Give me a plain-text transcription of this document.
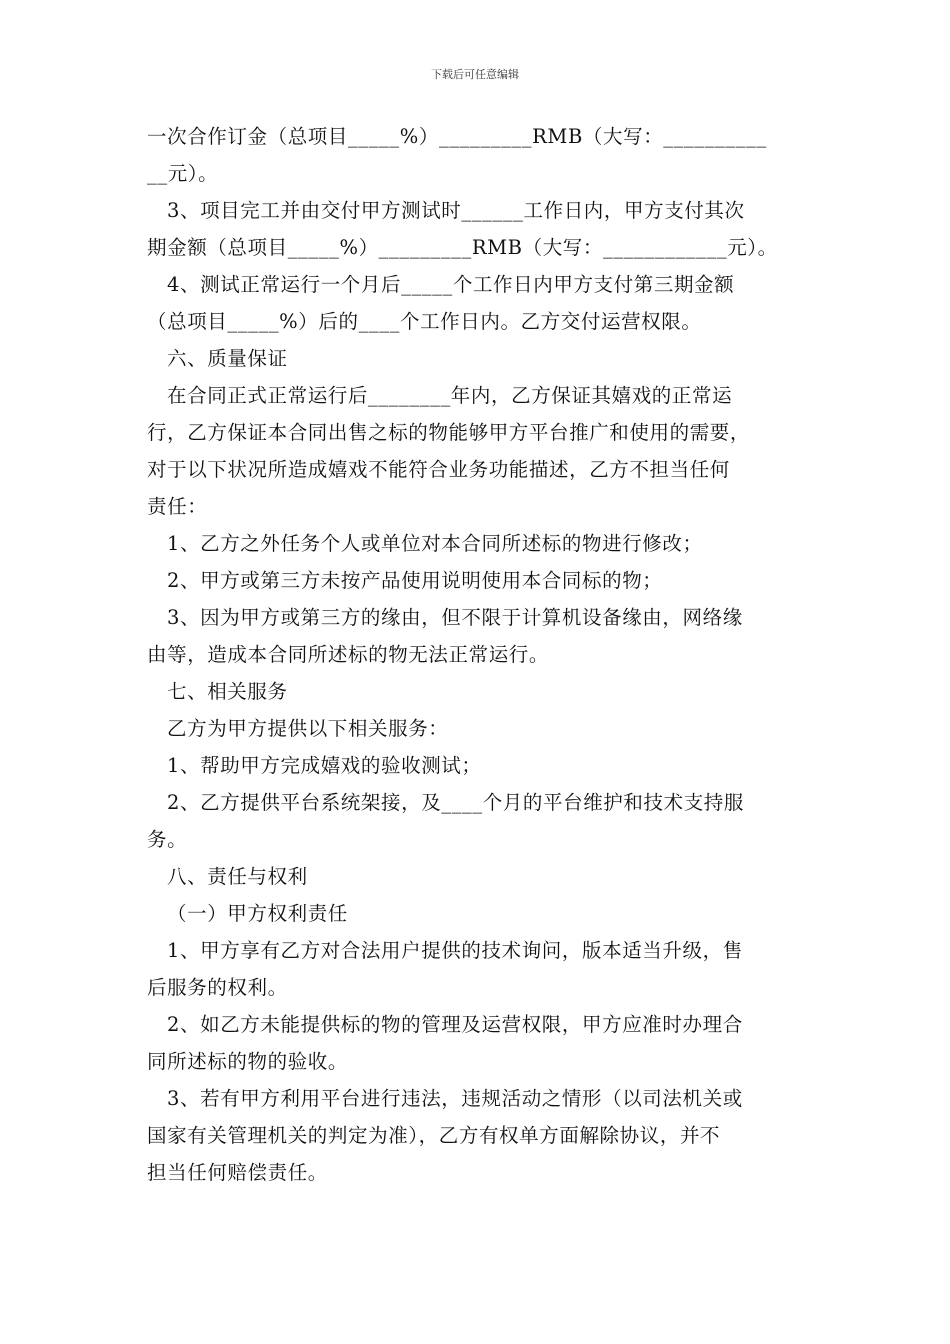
下载后可任意编辑
一次合作订金（总项目_____%）_________RMB（大写：__________
__元）。
3、项目完工并由交付甲方测试时______工作日内，甲方支付其次
期金额（总项目_____%）_________RMB（大写：____________元）。
4、测试正常运行一个月后_____个工作日内甲方支付第三期金额
（总项目_____%）后的____个工作日内。乙方交付运营权限。
六、质量保证
在合同正式正常运行后________年内，乙方保证其嬉戏的正常运
行，乙方保证本合同出售之标的物能够甲方平台推广和使用的需要，
对于以下状况所造成嬉戏不能符合业务功能描述，乙方不担当任何
责任：
1、乙方之外任务个人或单位对本合同所述标的物进行修改；
2、甲方或第三方未按产品使用说明使用本合同标的物；
3、因为甲方或第三方的缘由，但不限于计算机设备缘由，网络缘
由等，造成本合同所述标的物无法正常运行。
七、相关服务
乙方为甲方提供以下相关服务：
1、帮助甲方完成嬉戏的验收测试；
2、乙方提供平台系统架接，及____个月的平台维护和技术支持服
务。
八、责任与权利
（一）甲方权利责任
1、甲方享有乙方对合法用户提供的技术询问，版本适当升级，售
后服务的权利。
2、如乙方未能提供标的物的管理及运营权限，甲方应准时办理合
同所述标的物的验收。
3、若有甲方利用平台进行违法，违规活动之情形（以司法机关或
国家有关管理机关的判定为准），乙方有权单方面解除协议，并不
担当任何赔偿责任。
